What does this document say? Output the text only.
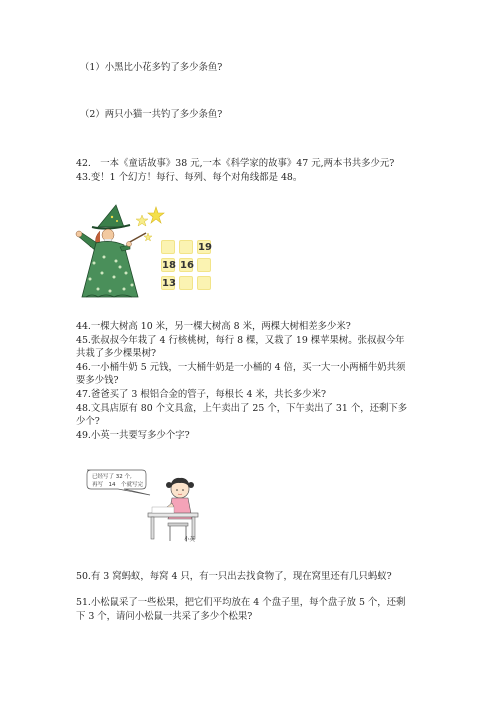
（1）小黑比小花多钓了多少条鱼?
（2）两只小猫一共钓了多少条鱼?
42.　一本《童话故事》38 元,一本《科学家的故事》47 元,两本书共多少元?
43.变！1 个幻方！每行、每列、每个对角线都是 48。
19
18 16
13
44.一棵大树高 10 米，另一棵大树高 8 米，两棵大树相差多少米?
45.张叔叔今年栽了 4 行核桃树，每行 8 棵，又栽了 19 棵苹果树。张叔叔今年
共栽了多少棵果树?
46.一小桶牛奶 5 元钱，一大桶牛奶是一小桶的 4 倍，买一大一小两桶牛奶共须
要多少钱?
47.爸爸买了 3 根铝合金的管子，每根长 4 米，共长多少米?
48.文具店原有 80 个文具盒，上午卖出了 25 个，下午卖出了 31 个，还剩下多
少个?
49.小英一共要写多少个字?
已经写了 32 个,
再写　14　个就写完
小英
50.有 3 窝蚂蚁，每窝 4 只，有一只出去找食物了，现在窝里还有几只蚂蚁?
51.小松鼠采了一些松果，把它们平均放在 4 个盘子里，每个盘子放 5 个，还剩
下 3 个，请问小松鼠一共采了多少个松果?
